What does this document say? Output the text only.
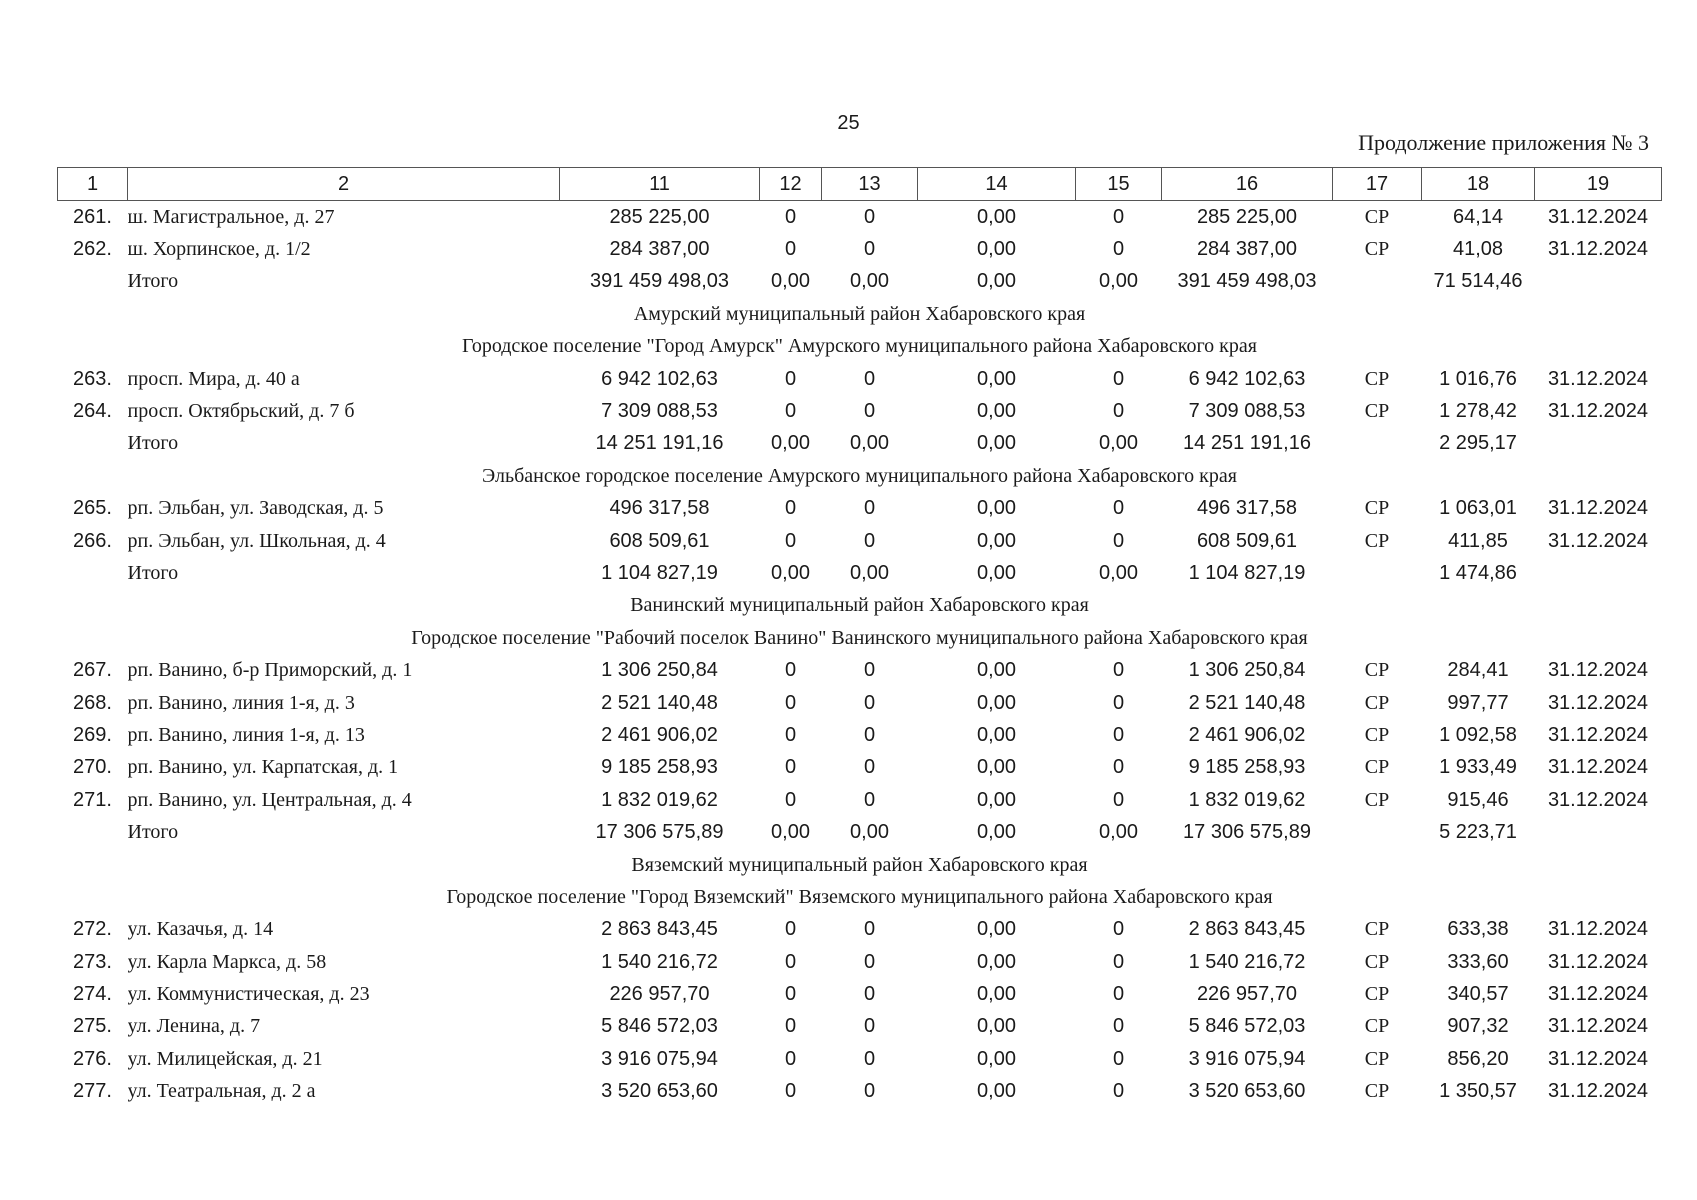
25
Продолжение приложения № 3
1	2	11	12	13	14	15	16	17	18	19
261.	ш. Магистральное, д. 27	285 225,00	0	0	0,00	0	285 225,00	СР	64,14	31.12.2024
262.	ш. Хорпинское, д. 1/2	284 387,00	0	0	0,00	0	284 387,00	СР	41,08	31.12.2024
	Итого	391 459 498,03	0,00	0,00	0,00	0,00	391 459 498,03		71 514,46	
Амурский муниципальный район Хабаровского края										
Городское поселение "Город Амурск" Амурского муниципального района Хабаровского края										
263.	просп. Мира, д. 40 а	6 942 102,63	0	0	0,00	0	6 942 102,63	СР	1 016,76	31.12.2024
264.	просп. Октябрьский, д. 7 б	7 309 088,53	0	0	0,00	0	7 309 088,53	СР	1 278,42	31.12.2024
	Итого	14 251 191,16	0,00	0,00	0,00	0,00	14 251 191,16		2 295,17	
Эльбанское городское поселение Амурского муниципального района Хабаровского края										
265.	рп. Эльбан, ул. Заводская, д. 5	496 317,58	0	0	0,00	0	496 317,58	СР	1 063,01	31.12.2024
266.	рп. Эльбан, ул. Школьная, д. 4	608 509,61	0	0	0,00	0	608 509,61	СР	411,85	31.12.2024
	Итого	1 104 827,19	0,00	0,00	0,00	0,00	1 104 827,19		1 474,86	
Ванинский муниципальный район Хабаровского края										
Городское поселение "Рабочий поселок Ванино" Ванинского муниципального района Хабаровского края										
267.	рп. Ванино, б-р Приморский, д. 1	1 306 250,84	0	0	0,00	0	1 306 250,84	СР	284,41	31.12.2024
268.	рп. Ванино, линия 1-я, д. 3	2 521 140,48	0	0	0,00	0	2 521 140,48	СР	997,77	31.12.2024
269.	рп. Ванино, линия 1-я, д. 13	2 461 906,02	0	0	0,00	0	2 461 906,02	СР	1 092,58	31.12.2024
270.	рп. Ванино, ул. Карпатская, д. 1	9 185 258,93	0	0	0,00	0	9 185 258,93	СР	1 933,49	31.12.2024
271.	рп. Ванино, ул. Центральная, д. 4	1 832 019,62	0	0	0,00	0	1 832 019,62	СР	915,46	31.12.2024
	Итого	17 306 575,89	0,00	0,00	0,00	0,00	17 306 575,89		5 223,71	
Вяземский муниципальный район Хабаровского края										
Городское поселение "Город Вяземский" Вяземского муниципального района Хабаровского края										
272.	ул. Казачья, д. 14	2 863 843,45	0	0	0,00	0	2 863 843,45	СР	633,38	31.12.2024
273.	ул. Карла Маркса, д. 58	1 540 216,72	0	0	0,00	0	1 540 216,72	СР	333,60	31.12.2024
274.	ул. Коммунистическая, д. 23	226 957,70	0	0	0,00	0	226 957,70	СР	340,57	31.12.2024
275.	ул. Ленина, д. 7	5 846 572,03	0	0	0,00	0	5 846 572,03	СР	907,32	31.12.2024
276.	ул. Милицейская, д. 21	3 916 075,94	0	0	0,00	0	3 916 075,94	СР	856,20	31.12.2024
277.	ул. Театральная, д. 2 а	3 520 653,60	0	0	0,00	0	3 520 653,60	СР	1 350,57	31.12.2024
